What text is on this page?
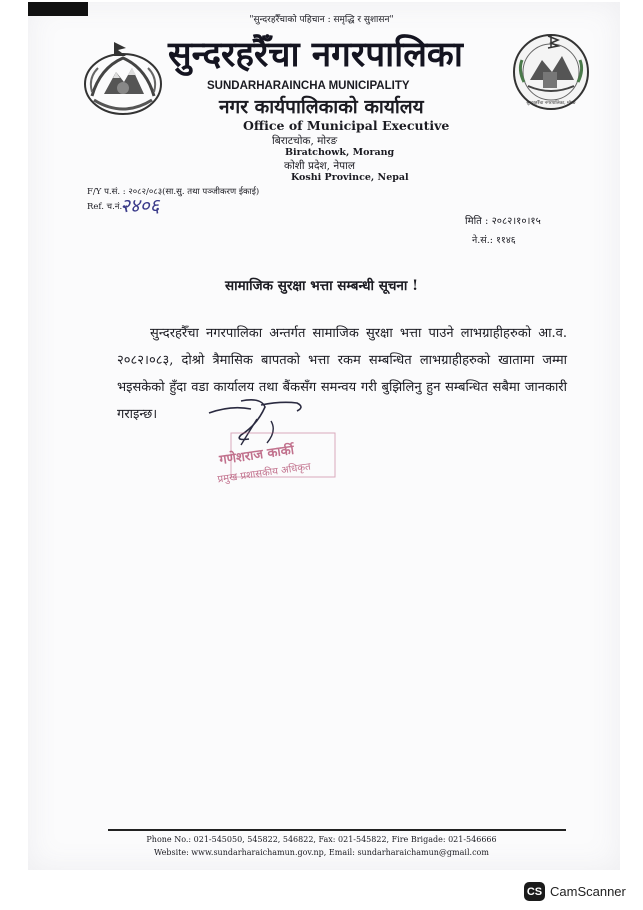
"सुन्दरहरैँचाको पहिचान : समृद्धि र सुशासन"
सुन्दरहरैँचा नगरपालिका, मोरङ
सुन्दरहरैँचा नगरपालिका
SUNDARHARAINCHA MUNICIPALITY
नगर कार्यपालिकाको कार्यालय
Office of Municipal Executive
बिराटचोक, मोरङ
Biratchowk, Morang
कोशी प्रदेश, नेपाल
Koshi Province, Nepal
F/Y प.सं. : २०८२/०८३(सा.सु. तथा पञ्जीकरण ईकाई)
Ref. च.नं. :
२४०६
मिति : २०८२।१०।१५
ने.सं.: ११४६
सामाजिक सुरक्षा भत्ता सम्बन्धी सूचना !
सुन्दरहरैँचा नगरपालिका अन्तर्गत सामाजिक सुरक्षा भत्ता पाउने लाभग्राहीहरुको आ.व. २०८२।०८३, दोश्रो त्रैमासिक बापतको भत्ता रकम सम्बन्धित लाभग्राहीहरुको खातामा जम्मा भइसकेको हुँदा वडा कार्यालय तथा बैंकसँग समन्वय गरी बुझिलिनु हुन सम्बन्धित सबैमा जानकारी गराइन्छ।
गणेशराज कार्की
प्रमुख प्रशासकीय अधिकृत
Phone No.: 021-545050, 545822, 546822, Fax: 021-545822, Fire Brigade: 021-546666
Website: www.sundarharaichamun.gov.np, Email: sundarharaichamun@gmail.com
CS CamScanner
